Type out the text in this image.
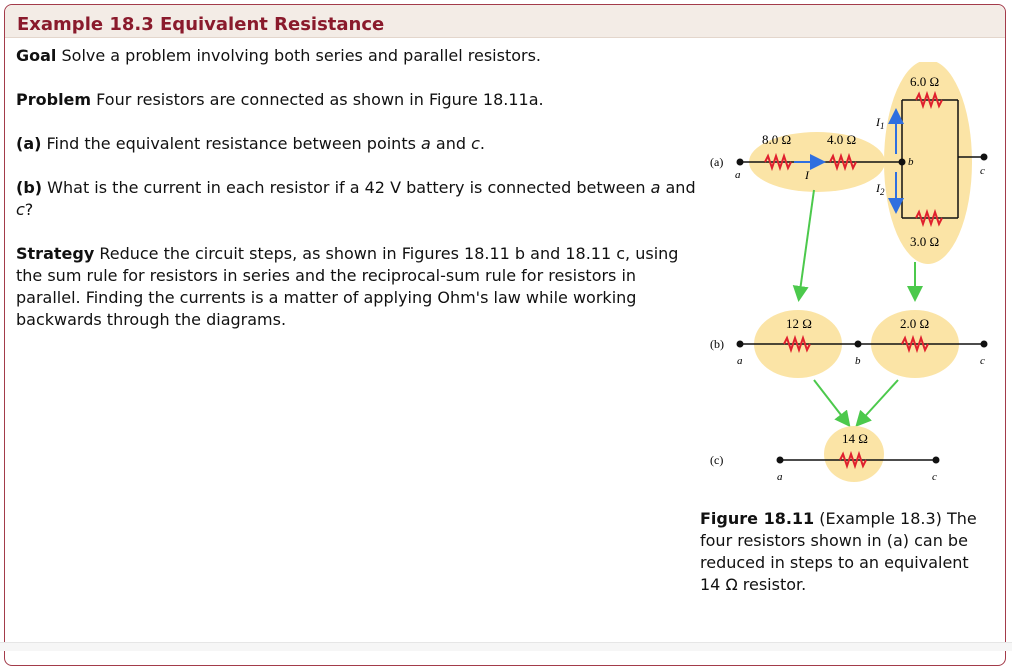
Example 18.3 Equivalent Resistance

Goal Solve a problem involving both series and parallel resistors.

Problem Four resistors are connected as shown in Figure 18.11a.

(a) Find the equivalent resistance between points a and c.

(b) What is the current in each resistor if a 42 V battery is connected between a and c?

Strategy Reduce the circuit steps, as shown in Figures 18.11 b and 18.11 c, using the sum rule for resistors in series and the reciprocal-sum rule for resistors in parallel. Finding the currents is a matter of applying Ohm's law while working backwards through the diagrams.

(a)
8.0 Ω	4.0 Ω
6.0 Ω
3.0 Ω
I
$I_1$
$I_2$
a
b
c
(b)
12 Ω	2.0 Ω
a	b	c
(c)
14 Ω
a	c
Figure 18.11 (Example 18.3) The four resistors shown in (a) can be reduced in steps to an equivalent 14 Ω resistor.
